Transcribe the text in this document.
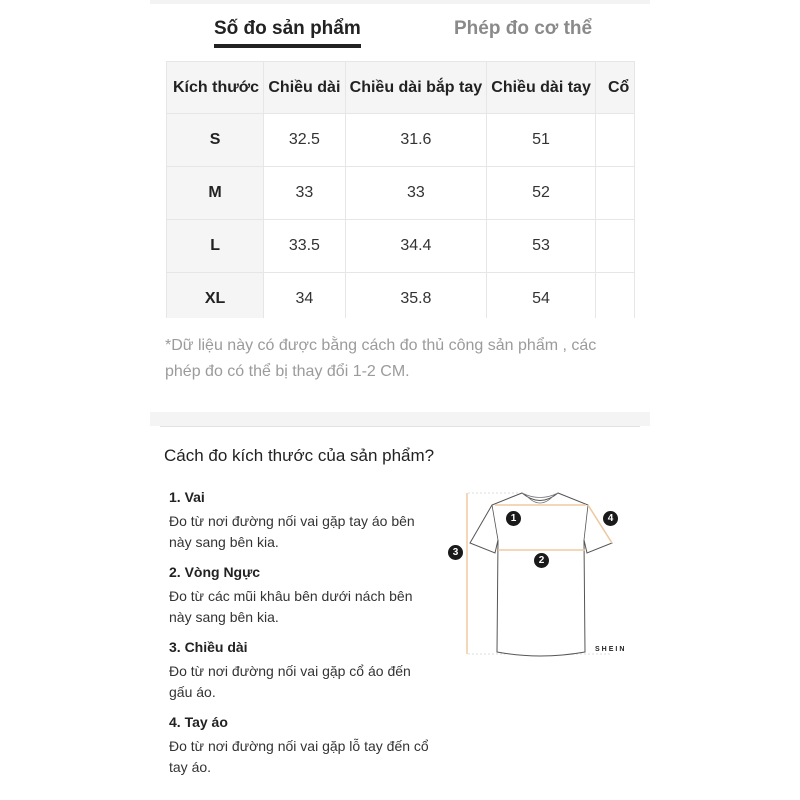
Số đo sản phẩm	Phép đo cơ thể
Kích thước	Chiều dài	Chiều dài bắp tay	Chiều dài tay	Cổ
S	32.5	31.6	51	
M	33	33	52	
L	33.5	34.4	53	
XL	34	35.8	54	
*Dữ liệu này có được bằng cách đo thủ công sản phẩm , các phép đo có thể bị thay đổi 1-2 CM.
Cách đo kích thước của sản phẩm?
1. Vai
Đo từ nơi đường nối vai gặp tay áo bên này sang bên kia.
2. Vòng Ngực
Đo từ các mũi khâu bên dưới nách bên này sang bên kia.
3. Chiều dài
Đo từ nơi đường nối vai gặp cổ áo đến gấu áo.
4. Tay áo
Đo từ nơi đường nối vai gặp lỗ tay đến cổ tay áo.
1
2
3
4
SHEIN
